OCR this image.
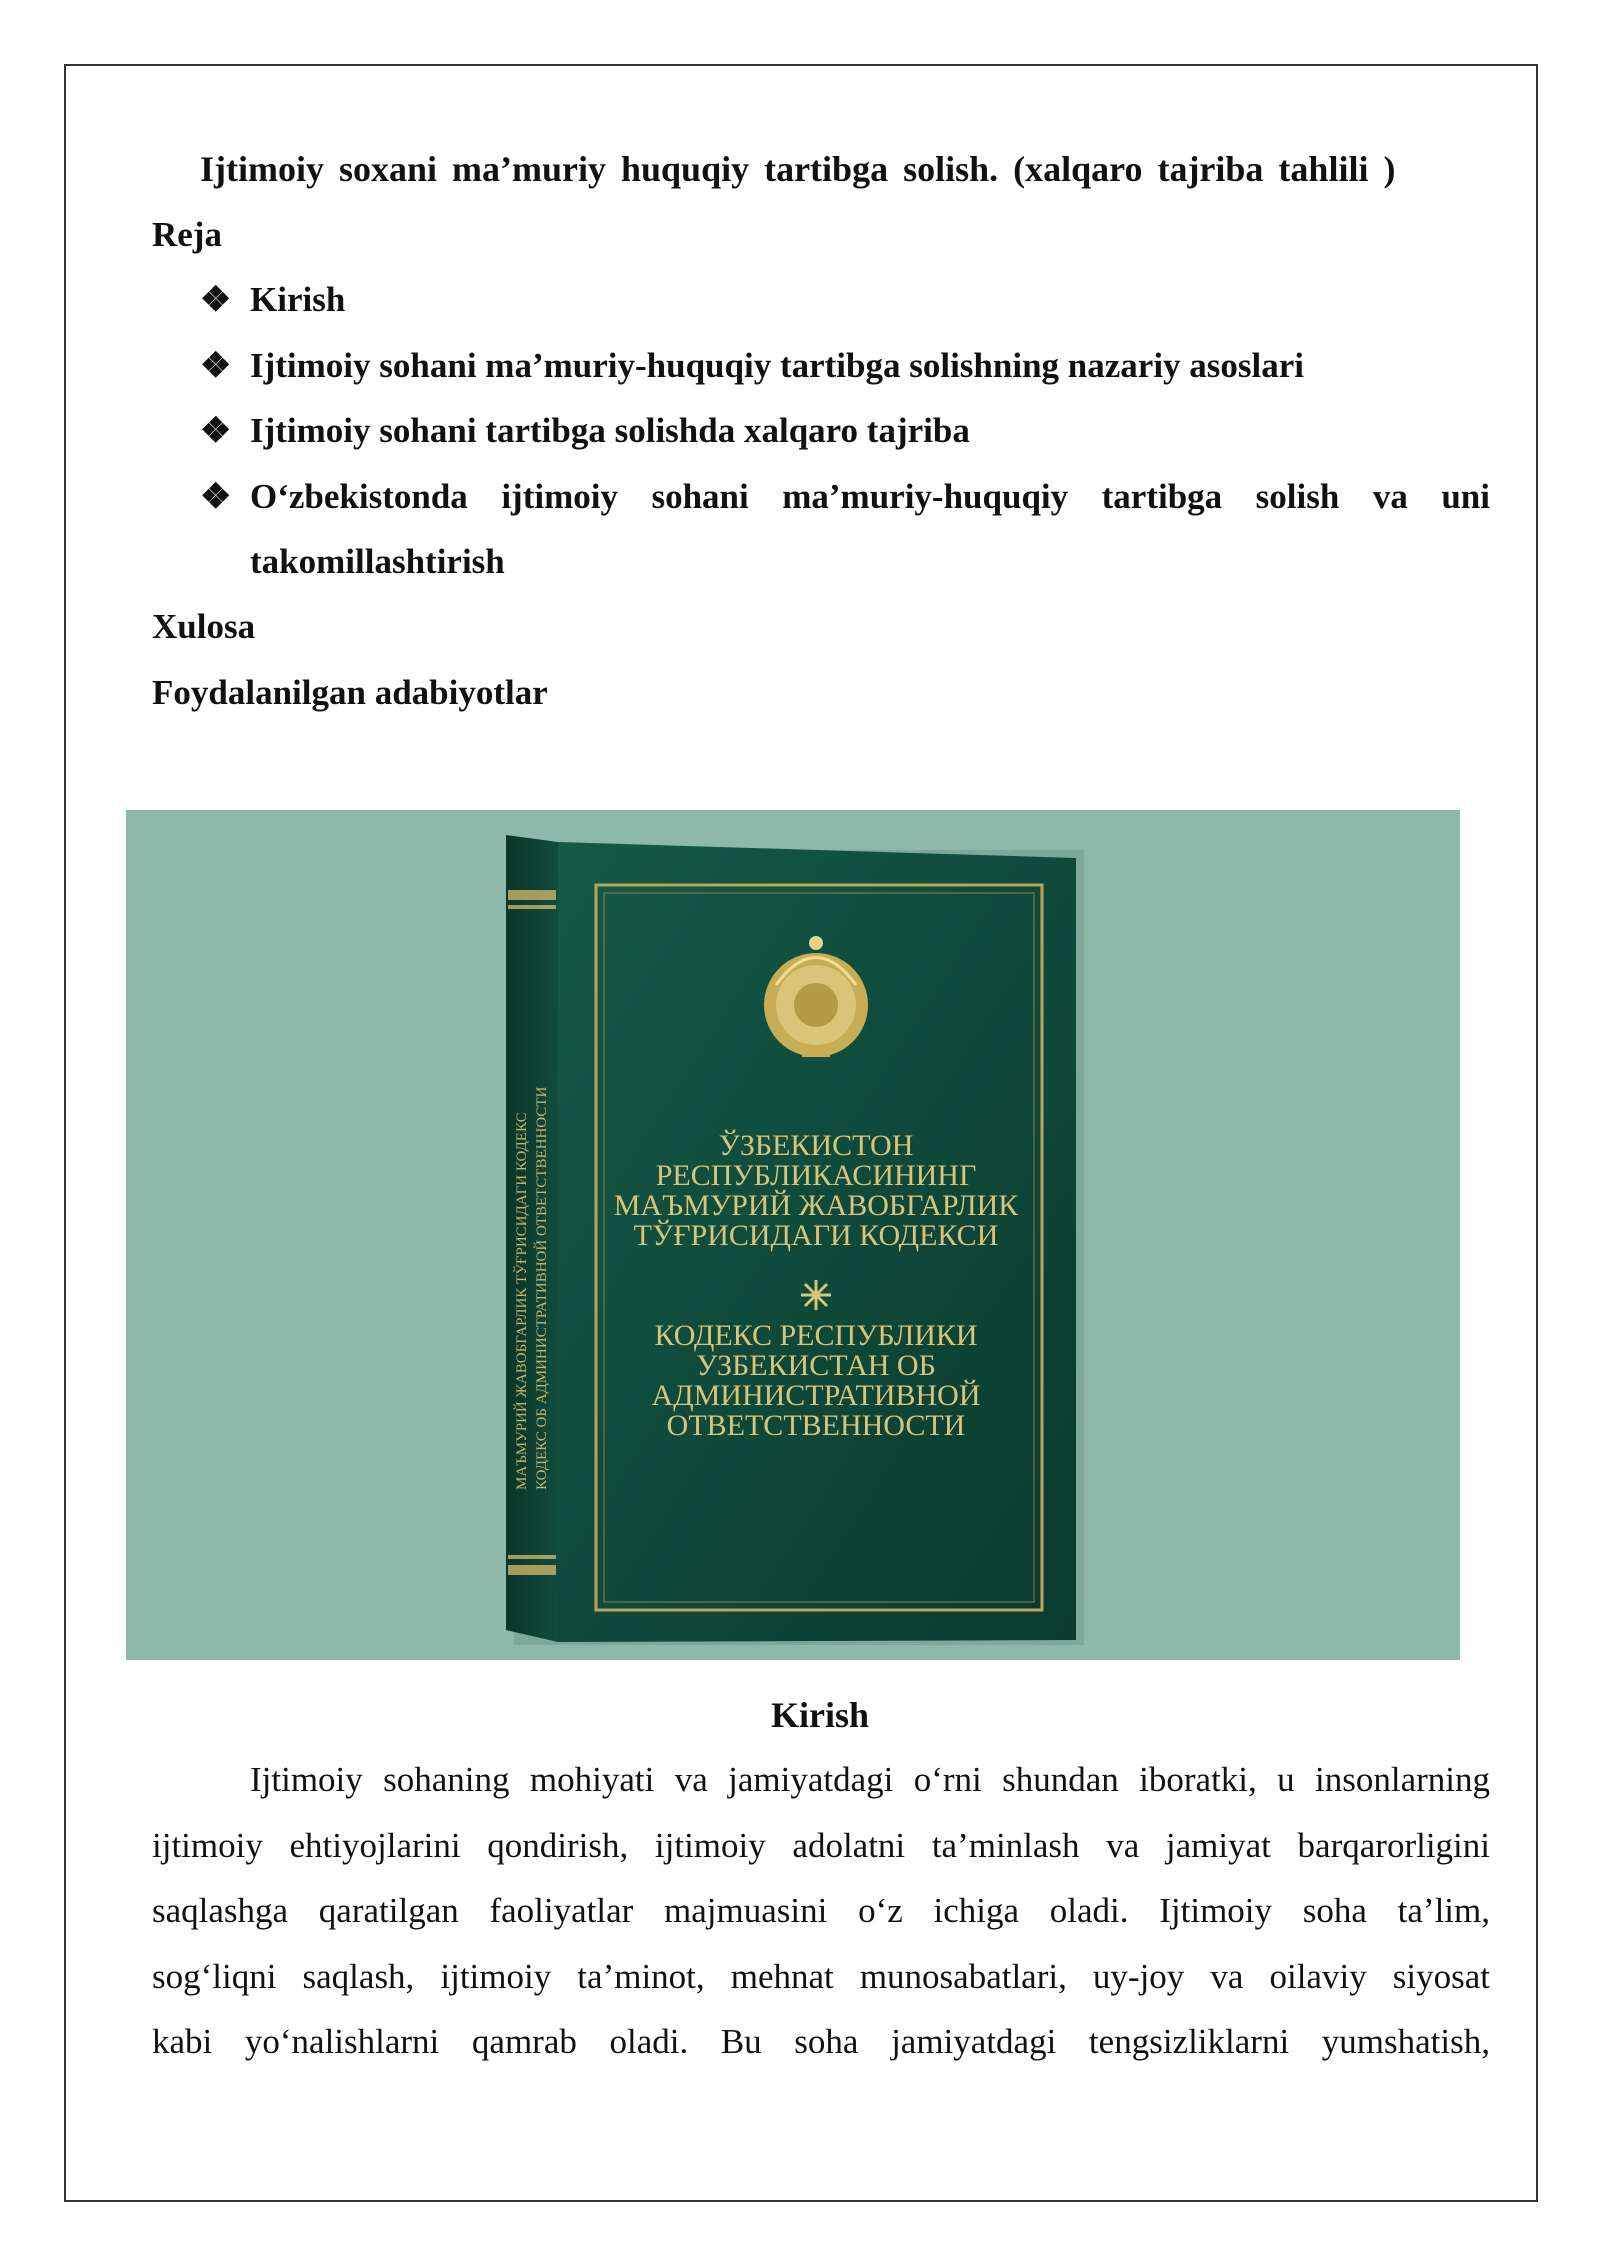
Ijtimoiy soxani ma’muriy huquqiy tartibga solish. (xalqaro tajriba tahlili )
Reja
❖ Kirish
❖ Ijtimoiy sohani ma’muriy-huquqiy tartibga solishning nazariy asoslari
❖ Ijtimoiy sohani tartibga solishda xalqaro tajriba
❖ O‘zbekistonda ijtimoiy sohani ma’muriy-huquqiy tartibga solish va uni
takomillashtirish
Xulosa
Foydalanilgan adabiyotlar
МАЪМУРИЙ ЖАВОБГАРЛИК ТЎҒРИСИДАГИ КОДЕКС КОДЕКС ОБ АДМИНИСТРАТИВНОЙ ОТВЕТСТВЕННОСТИ	ЎЗБЕКИСТОН
РЕСПУБЛИКАСИНИНГ
МАЪМУРИЙ ЖАВОБГАРЛИК
ТЎҒРИСИДАГИ КОДЕКСИ
КОДЕКС РЕСПУБЛИКИ
УЗБЕКИСТАН ОБ
АДМИНИСТРАТИВНОЙ
ОТВЕТСТВЕННОСТИ
Kirish
Ijtimoiy sohaning mohiyati va jamiyatdagi o‘rni shundan iboratki, u insonlarning
ijtimoiy ehtiyojlarini qondirish, ijtimoiy adolatni ta’minlash va jamiyat barqarorligini
saqlashga qaratilgan faoliyatlar majmuasini o‘z ichiga oladi. Ijtimoiy soha ta’lim,
sog‘liqni saqlash, ijtimoiy ta’minot, mehnat munosabatlari, uy-joy va oilaviy siyosat
kabi yo‘nalishlarni qamrab oladi. Bu soha jamiyatdagi tengsizliklarni yumshatish,
